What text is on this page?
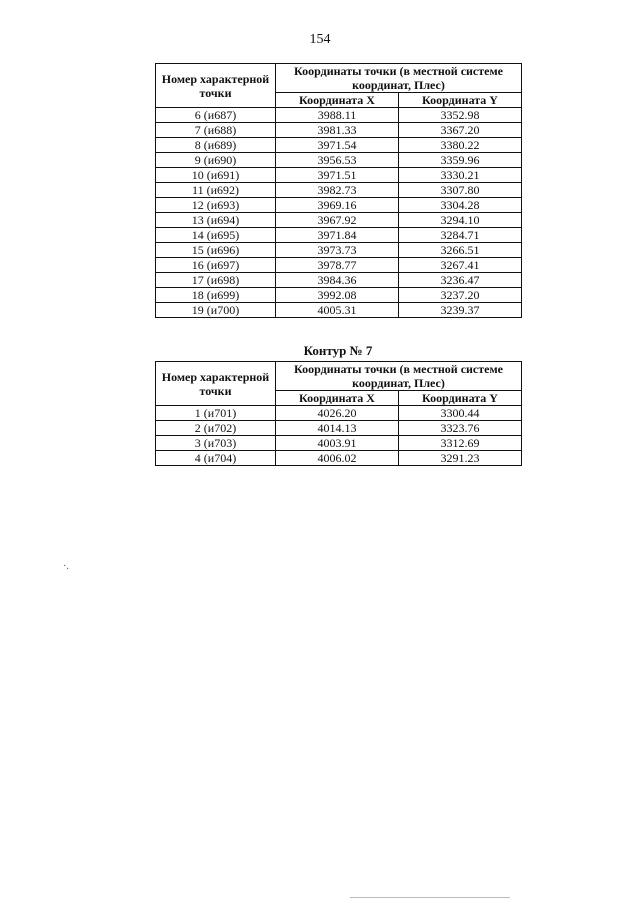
154
Номер характерной точки	Координаты точки (в местной системе координат, Плес)	
	Координата X	Координата Y
6 (и687)	3988.11	3352.98
7 (и688)	3981.33	3367.20
8 (и689)	3971.54	3380.22
9 (и690)	3956.53	3359.96
10 (и691)	3971.51	3330.21
11 (и692)	3982.73	3307.80
12 (и693)	3969.16	3304.28
13 (и694)	3967.92	3294.10
14 (и695)	3971.84	3284.71
15 (и696)	3973.73	3266.51
16 (и697)	3978.77	3267.41
17 (и698)	3984.36	3236.47
18 (и699)	3992.08	3237.20
19 (и700)	4005.31	3239.37
Контур № 7
Номер характерной точки	Координаты точки (в местной системе координат, Плес)	
	Координата X	Координата Y
1 (и701)	4026.20	3300.44
2 (и702)	4014.13	3323.76
3 (и703)	4003.91	3312.69
4 (и704)	4006.02	3291.23
·.
